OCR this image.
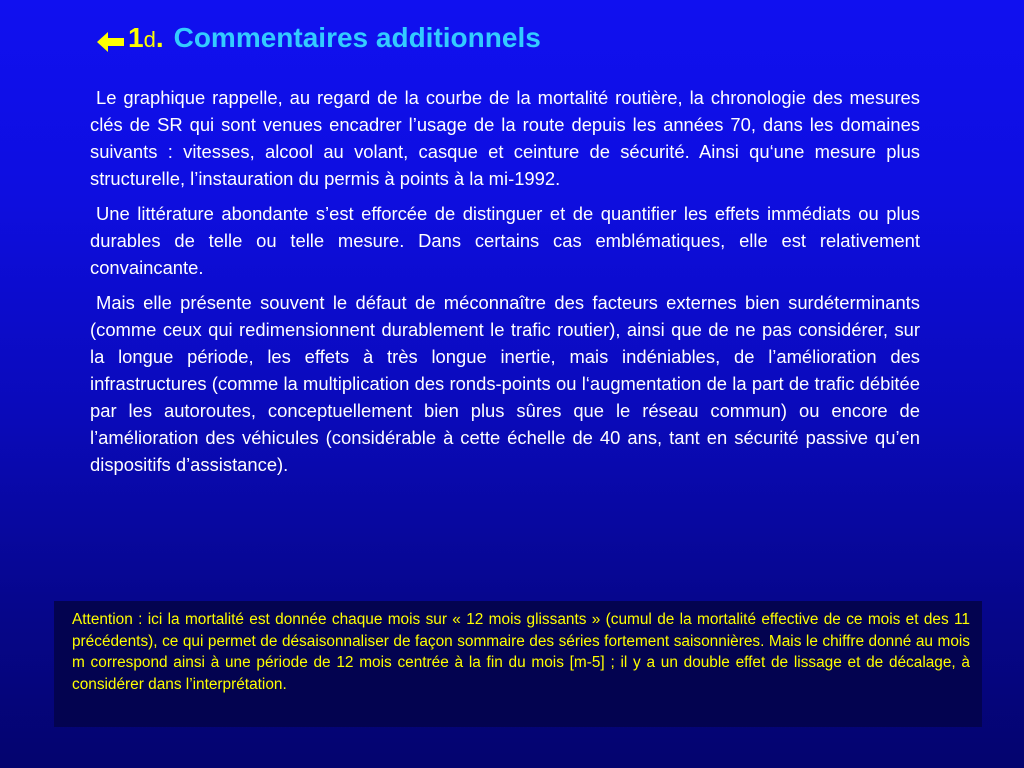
1 d . Commentaires additionnels

Le graphique rappelle, au regard de la courbe de la mortalité routière, la chronologie des mesures clés de SR qui sont venues encadrer l’usage de la route depuis les années 70, dans les domaines suivants : vitesses, alcool au volant, casque et ceinture de sécurité. Ainsi qu‘une mesure plus structurelle, l’instauration du permis à points à la mi-1992.

Une littérature abondante s’est efforcée de distinguer et de quantifier les effets immédiats ou plus durables de telle ou telle mesure. Dans certains cas emblématiques, elle est relativement convaincante.

Mais elle présente souvent le défaut de méconnaître des facteurs externes bien surdéterminants (comme ceux qui redimensionnent durablement le trafic routier), ainsi que de ne pas considérer, sur la longue période, les effets à très longue inertie, mais indéniables, de l’amélioration des infrastructures (comme la multiplication des ronds-points ou l‘augmentation de la part de trafic débitée par les autoroutes, conceptuellement bien plus sûres que le réseau commun) ou encore de l’amélioration des véhicules (considérable à cette échelle de 40 ans, tant en sécurité passive qu’en dispositifs d’assistance).

Attention : ici la mortalité est donnée chaque mois sur « 12 mois glissants » (cumul de la mortalité effective de ce mois et des 11 précédents), ce qui permet de désaisonnaliser de façon sommaire des séries fortement saisonnières. Mais le chiffre donné au mois m correspond ainsi à une période de 12 mois centrée à la fin du mois [m-5] ; il y a un double effet de lissage et de décalage, à considérer dans l’interprétation.
